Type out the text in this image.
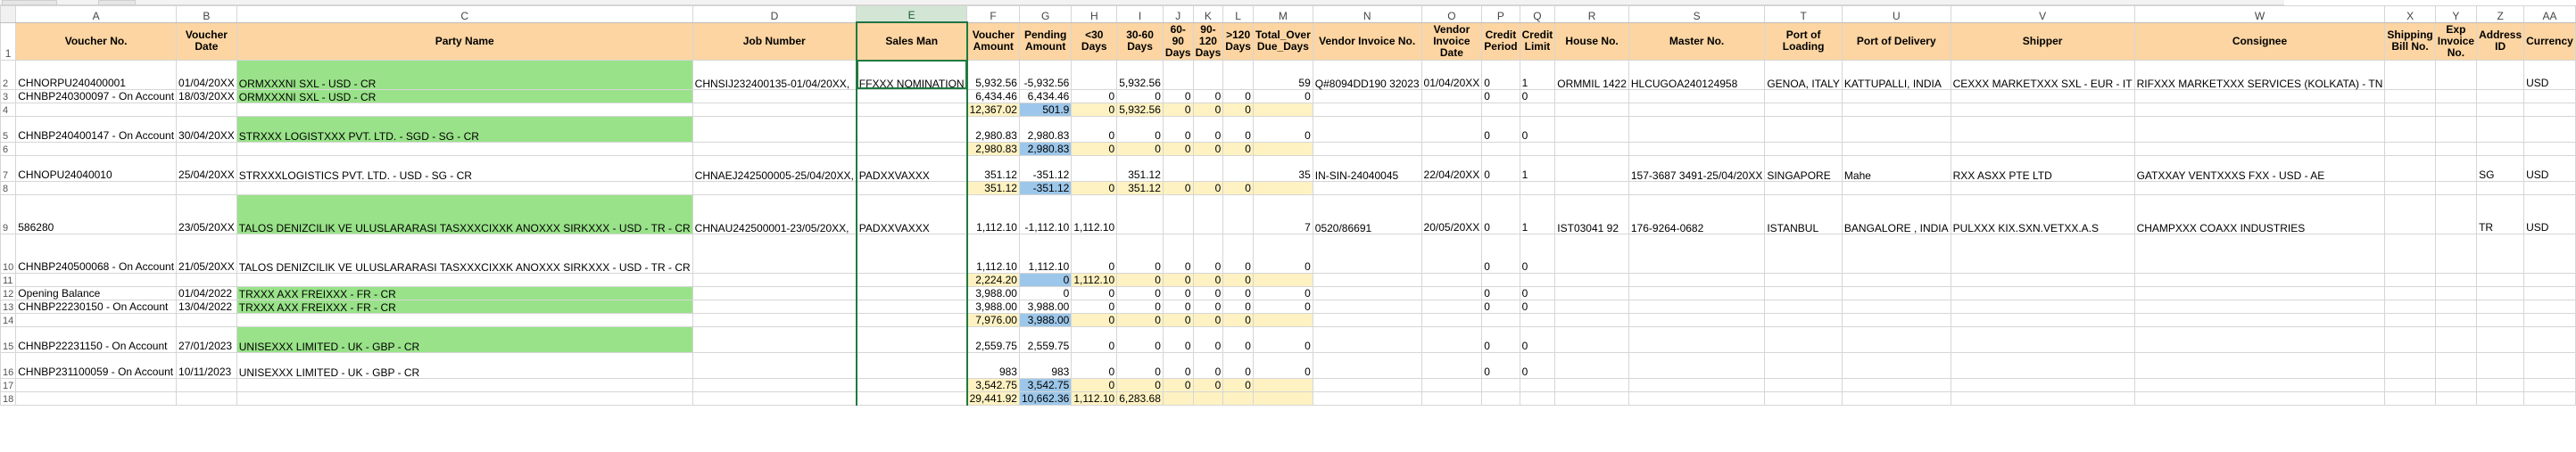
	A	B	C	D	E	F	G	H	I	J	K	L	M	N	O	P	Q	R	S	T	U	V	W	X	Y	Z	AA
1	Voucher No.	Voucher Date	Party Name	Job Number	Sales Man	Voucher Amount	Pending Amount	<30 Days	30-60 Days	60-90 Days	90-120 Days	>120 Days	Total_Over Due_Days	Vendor Invoice No.	Vendor Invoice Date	Credit Period	Credit Limit	House No.	Master No.	Port of Loading	Port of Delivery	Shipper	Consignee	Shipping Bill No.	Exp Invoice No.	Address ID	Currency
2	CHNORPU240400001	01/04/20XX	ORMXXXNI SXL - USD - CR	CHNSIJ232400135-01/04/20XX,	FFXXX NOMINATION	5,932.56	-5,932.56		5,932.56				59	Q#8094DD190 32023	01/04/20XX	0	1	ORMMIL 1422	HLCUGOA240124958	GENOA, ITALY	KATTUPALLI, INDIA	CEXXX MARKETXXX SXL - EUR - IT	RIFXXX MARKETXXX SERVICES (KOLKATA) - TN				USD
3	CHNBP240300097 - On Account	18/03/20XX	ORMXXXNI SXL - USD - CR			6,434.46	6,434.46	0	0	0	0	0	0			0	0										
4						12,367.02	501.9	0	5,932.56	0	0	0															
5	CHNBP240400147 - On Account	30/04/20XX	STRXXX LOGISTXXX PVT. LTD. - SGD - SG - CR			2,980.83	2,980.83	0	0	0	0	0	0			0	0										
6						2,980.83	2,980.83	0	0	0	0	0															
7	CHNOPU24040010	25/04/20XX	STRXXXLOGISTICS PVT. LTD. - USD - SG - CR	CHNAEJ242500005-25/04/20XX,	PADXXVAXXX	351.12	-351.12		351.12				35	IN-SIN-24040045	22/04/20XX	0	1		157-3687 3491-25/04/20XX	SINGAPORE	Mahe	RXX ASXX PTE LTD	GATXXAY VENTXXXS FXX - USD - AE			SG	USD
8						351.12	-351.12	0	351.12	0	0	0															
9	586280	23/05/20XX	TALOS DENIZCILIK VE ULUSLARARASI TASXXXCIXXK ANOXXX SIRKXXX - USD - TR - CR	CHNAU242500001-23/05/20XX,	PADXXVAXXX	1,112.10	-1,112.10	1,112.10					7	0520/86691	20/05/20XX	0	1	IST03041 92	176-9264-0682	ISTANBUL	BANGALORE , INDIA	PULXXX KIX.SXN.VETXX.A.S	CHAMPXXX COAXX INDUSTRIES			TR	USD
10	CHNBP240500068 - On Account	21/05/20XX	TALOS DENIZCILIK VE ULUSLARARASI TASXXXCIXXK ANOXXX SIRKXXX - USD - TR - CR			1,112.10	1,112.10	0	0	0	0	0	0			0	0										
11						2,224.20	0	1,112.10	0	0	0	0															
12	Opening Balance	01/04/2022	TRXXX AXX FREIXXX - FR - CR			3,988.00	0	0	0	0	0	0	0			0	0										
13	CHNBP22230150 - On Account	13/04/2022	TRXXX AXX FREIXXX - FR - CR			3,988.00	3,988.00	0	0	0	0	0	0			0	0										
14						7,976.00	3,988.00	0	0	0	0	0															
15	CHNBP22231150 - On Account	27/01/2023	UNISEXXX LIMITED - UK - GBP - CR			2,559.75	2,559.75	0	0	0	0	0	0			0	0										
16	CHNBP231100059 - On Account	10/11/2023	UNISEXXX LIMITED - UK - GBP - CR			983	983	0	0	0	0	0	0			0	0										
17						3,542.75	3,542.75	0	0	0	0	0															
18						29,441.92	10,662.36	1,112.10	6,283.68																		
